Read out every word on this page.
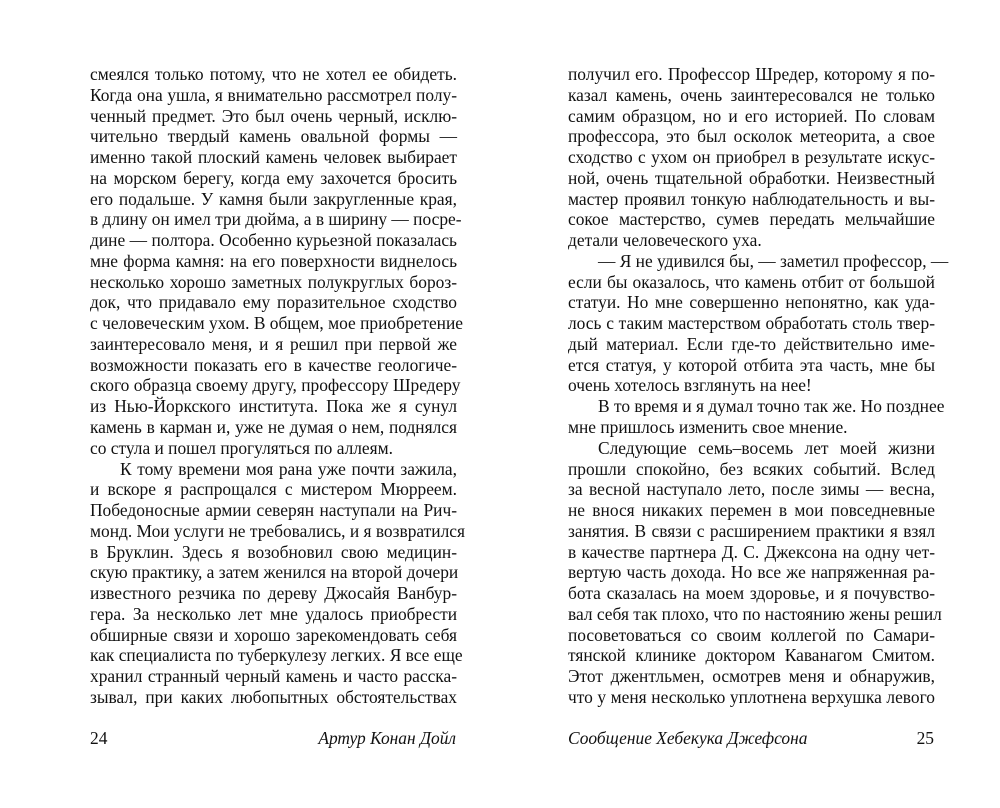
смеялся только потому, что не хотел ее обидеть.
Когда она ушла, я внимательно рассмотрел полу-
ченный предмет. Это был очень черный, исклю-
чительно твердый камень овальной формы —
именно такой плоский камень человек выбирает
на морском берегу, когда ему захочется бросить
его подальше. У камня были закругленные края,
в длину он имел три дюйма, а в ширину — посре-
дине — полтора. Особенно курьезной показалась
мне форма камня: на его поверхности виднелось
несколько хорошо заметных полукруглых бороз-
док, что придавало ему поразительное сходство
с человеческим ухом. В общем, мое приобретение
заинтересовало меня, и я решил при первой же
возможности показать его в качестве геологиче-
ского образца своему другу, профессору Шредеру
из Нью-Йоркского института. Пока же я сунул
камень в карман и, уже не думая о нем, поднялся
со стула и пошел прогуляться по аллеям.
К тому времени моя рана уже почти зажила,
и вскоре я распрощался с мистером Мюрреем.
Победоносные армии северян наступали на Рич-
монд. Мои услуги не требовались, и я возвратился
в Бруклин. Здесь я возобновил свою медицин-
скую практику, а затем женился на второй дочери
известного резчика по дереву Джосайя Ванбур-
гера. За несколько лет мне удалось приобрести
обширные связи и хорошо зарекомендовать себя
как специалиста по туберкулезу легких. Я все еще
хранил странный черный камень и часто расска-
зывал, при каких любопытных обстоятельствах
получил его. Профессор Шредер, которому я по-
казал камень, очень заинтересовался не только
самим образцом, но и его историей. По словам
профессора, это был осколок метеорита, а свое
сходство с ухом он приобрел в результате искус-
ной, очень тщательной обработки. Неизвестный
мастер проявил тонкую наблюдательность и вы-
сокое мастерство, сумев передать мельчайшие
детали человеческого уха.
— Я не удивился бы, — заметил профессор, —
если бы оказалось, что камень отбит от большой
статуи. Но мне совершенно непонятно, как уда-
лось с таким мастерством обработать столь твер-
дый материал. Если где-то действительно име-
ется статуя, у которой отбита эта часть, мне бы
очень хотелось взглянуть на нее!
В то время и я думал точно так же. Но позднее
мне пришлось изменить свое мнение.
Следующие семь–восемь лет моей жизни
прошли спокойно, без всяких событий. Вслед
за весной наступало лето, после зимы — весна,
не внося никаких перемен в мои повседневные
занятия. В связи с расширением практики я взял
в качестве партнера Д. С. Джексона на одну чет-
вертую часть дохода. Но все же напряженная ра-
бота сказалась на моем здоровье, и я почувство-
вал себя так плохо, что по настоянию жены решил
посоветоваться со своим коллегой по Самари-
тянской клинике доктором Каванагом Смитом.
Этот джентльмен, осмотрев меня и обнаружив,
что у меня несколько уплотнена верхушка левого
24	Артур Конан Дойл	Сообщение Хебекука Джефсона	25
